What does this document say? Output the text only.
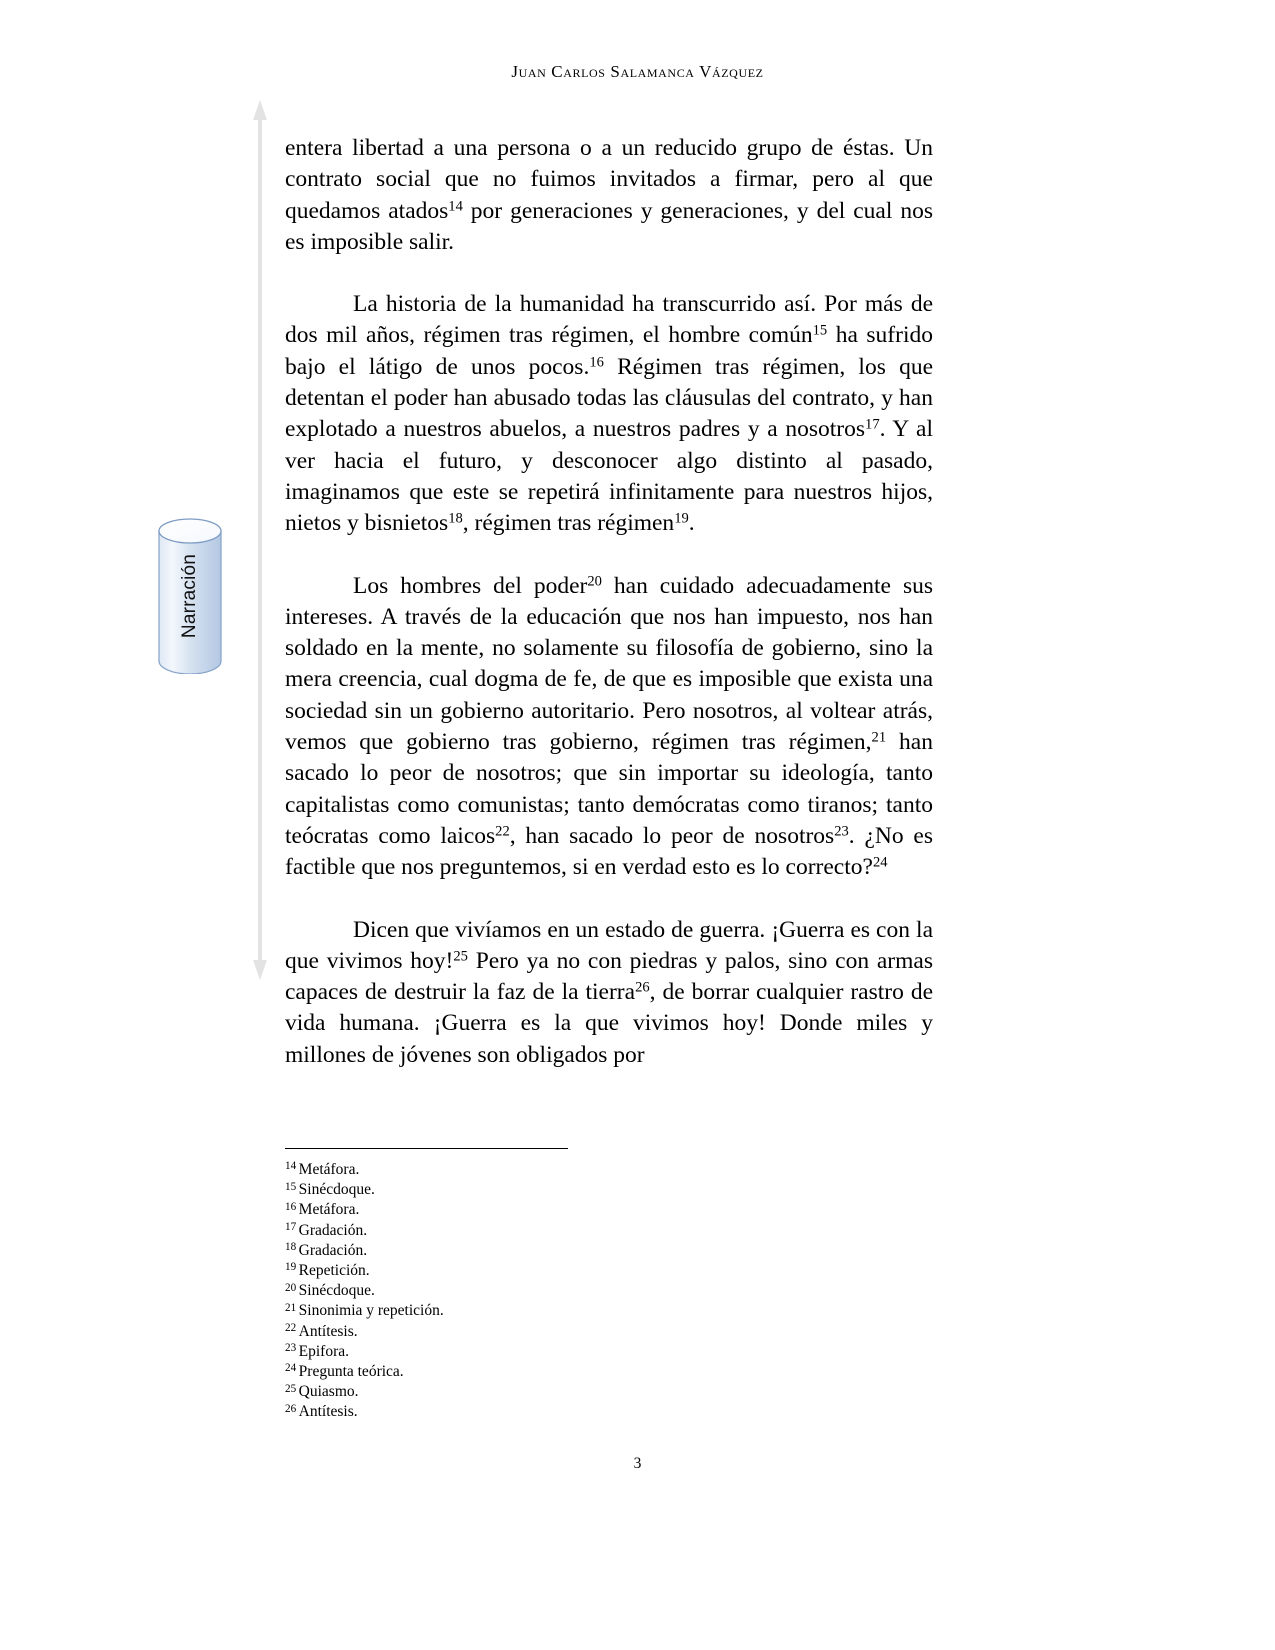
Juan Carlos Salamanca Vázquez
Narración

entera libertad a una persona o a un reducido grupo de éstas. Un contrato social que no fuimos invitados a firmar, pero al que quedamos atados$^{14}$ por generaciones y generaciones, y del cual nos es imposible salir.

La historia de la humanidad ha transcurrido así. Por más de dos mil años, régimen tras régimen, el hombre común$^{15}$ ha sufrido bajo el látigo de unos pocos.$^{16}$ Régimen tras régimen, los que detentan el poder han abusado todas las cláusulas del contrato, y han explotado a nuestros abuelos, a nuestros padres y a nosotros$^{17}$. Y al ver hacia el futuro, y desconocer algo distinto al pasado, imaginamos que este se repetirá infinitamente para nuestros hijos, nietos y bisnietos$^{18}$, régimen tras régimen$^{19}$.

Los hombres del poder$^{20}$ han cuidado adecuadamente sus intereses. A través de la educación que nos han impuesto, nos han soldado en la mente, no solamente su filosofía de gobierno, sino la mera creencia, cual dogma de fe, de que es imposible que exista una sociedad sin un gobierno autoritario. Pero nosotros, al voltear atrás, vemos que gobierno tras gobierno, régimen tras régimen,$^{21}$ han sacado lo peor de nosotros; que sin importar su ideología, tanto capitalistas como comunistas; tanto demócratas como tiranos; tanto teócratas como laicos$^{22}$, han sacado lo peor de nosotros$^{23}$. ¿No es factible que nos preguntemos, si en verdad esto es lo correcto?$^{24}$

Dicen que vivíamos en un estado de guerra. ¡Guerra es con la que vivimos hoy!$^{25}$ Pero ya no con piedras y palos, sino con armas capaces de destruir la faz de la tierra$^{26}$, de borrar cualquier rastro de vida humana. ¡Guerra es la que vivimos hoy! Donde miles y millones de jóvenes son obligados por

$^{14}$ Metáfora.

$^{15}$ Sinécdoque.

$^{16}$ Metáfora.

$^{17}$ Gradación.

$^{18}$ Gradación.

$^{19}$ Repetición.

$^{20}$ Sinécdoque.

$^{21}$ Sinonimia y repetición.

$^{22}$ Antítesis.

$^{23}$ Epifora.

$^{24}$ Pregunta teórica.

$^{25}$ Quiasmo.

$^{26}$ Antítesis.

3
